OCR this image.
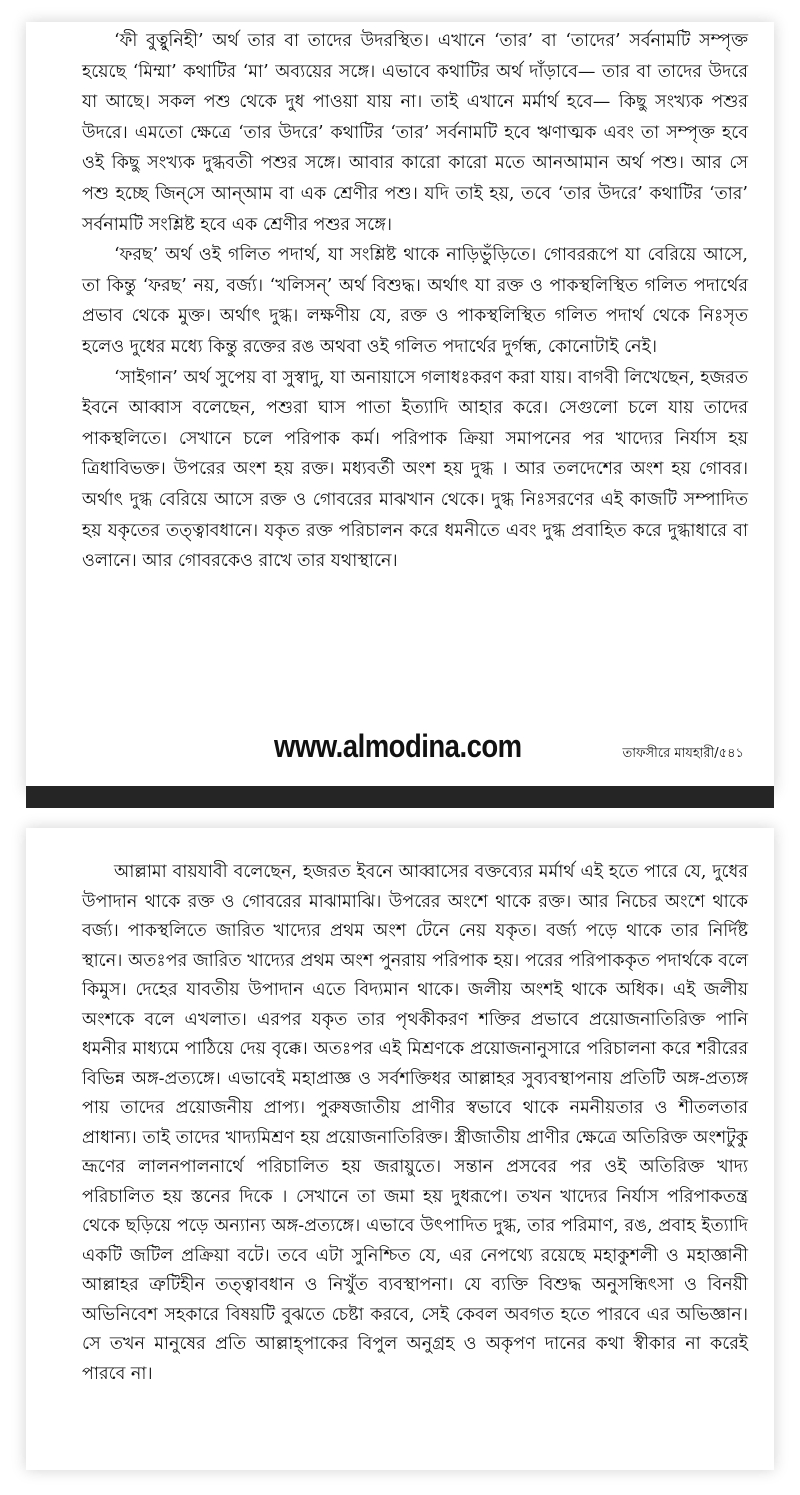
‘ফী বুত্বুনিহী’ অর্থ তার বা তাদের উদরস্থিত। এখানে ‘তার’ বা ‘তাদের’ সর্বনামটি সম্পৃক্ত হয়েছে ‘মিম্মা’ কথাটির ‘মা’ অব্যয়ের সঙ্গে। এভাবে কথাটির অর্থ দাঁড়াবে— তার বা তাদের উদরে যা আছে। সকল পশু থেকে দুধ পাওয়া যায় না। তাই এখানে মর্মার্থ হবে— কিছু সংখ্যক পশুর উদরে। এমতো ক্ষেত্রে ‘তার উদরে’ কথাটির ‘তার’ সর্বনামটি হবে ঋণাত্মক এবং তা সম্পৃক্ত হবে ওই কিছু সংখ্যক দুগ্ধবতী পশুর সঙ্গে। আবার কারো কারো মতে আনআমান অর্থ পশু। আর সে পশু হচ্ছে জিন্‌সে আন্‌আম বা এক শ্রেণীর পশু। যদি তাই হয়, তবে ‘তার উদরে’ কথাটির ‘তার’ সর্বনামটি সংশ্লিষ্ট হবে এক শ্রেণীর পশুর সঙ্গে।

‘ফরছ’ অর্থ ওই গলিত পদার্থ, যা সংশ্লিষ্ট থাকে নাড়িভুঁড়িতে। গোবররূপে যা বেরিয়ে আসে, তা কিন্তু ‘ফরছ’ নয়, বর্জ্য। ‘খলিসন্’ অর্থ বিশুদ্ধ। অর্থাৎ যা রক্ত ও পাকস্থলিস্থিত গলিত পদার্থের প্রভাব থেকে মুক্ত। অর্থাৎ দুগ্ধ। লক্ষণীয় যে, রক্ত ও পাকস্থলিস্থিত গলিত পদার্থ থেকে নিঃসৃত হলেও দুধের মধ্যে কিন্তু রক্তের রঙ অথবা ওই গলিত পদার্থের দুর্গন্ধ, কোনোটাই নেই।

‘সাইগান’ অর্থ সুপেয় বা সুস্বাদু, যা অনায়াসে গলাধঃকরণ করা যায়। বাগবী লিখেছেন, হজরত ইবনে আব্বাস বলেছেন, পশুরা ঘাস পাতা ইত্যাদি আহার করে। সেগুলো চলে যায় তাদের পাকস্থলিতে। সেখানে চলে পরিপাক কর্ম। পরিপাক ক্রিয়া সমাপনের পর খাদ্যের নির্যাস হয় ত্রিধাবিভক্ত। উপরের অংশ হয় রক্ত। মধ্যবর্তী অংশ হয় দুগ্ধ । আর তলদেশের অংশ হয় গোবর। অর্থাৎ দুগ্ধ বেরিয়ে আসে রক্ত ও গোবরের মাঝখান থেকে। দুগ্ধ নিঃসরণের এই কাজটি সম্পাদিত হয় যকৃতের তত্ত্বাবধানে। যকৃত রক্ত পরিচালন করে ধমনীতে এবং দুগ্ধ প্রবাহিত করে দুগ্ধাধারে বা ওলানে। আর গোবরকেও রাখে তার যথাস্থানে।

www.almodina.com	তাফসীরে মাযহারী/৫৪১

আল্লামা বায়যাবী বলেছেন, হজরত ইবনে আব্বাসের বক্তব্যের মর্মার্থ এই হতে পারে যে, দুধের উপাদান থাকে রক্ত ও গোবরের মাঝামাঝি। উপরের অংশে থাকে রক্ত। আর নিচের অংশে থাকে বর্জ্য। পাকস্থলিতে জারিত খাদ্যের প্রথম অংশ টেনে নেয় যকৃত। বর্জ্য পড়ে থাকে তার নির্দিষ্ট স্থানে। অতঃপর জারিত খাদ্যের প্রথম অংশ পুনরায় পরিপাক হয়। পরের পরিপাককৃত পদার্থকে বলে কিমুস। দেহের যাবতীয় উপাদান এতে বিদ্যমান থাকে। জলীয় অংশই থাকে অধিক। এই জলীয় অংশকে বলে এখলাত। এরপর যকৃত তার পৃথকীকরণ শক্তির প্রভাবে প্রয়োজনাতিরিক্ত পানি ধমনীর মাধ্যমে পাঠিয়ে দেয় বৃক্কে। অতঃপর এই মিশ্রণকে প্রয়োজনানুসারে পরিচালনা করে শরীরের বিভিন্ন অঙ্গ-প্রত্যঙ্গে। এভাবেই মহাপ্রাজ্ঞ ও সর্বশক্তিধর আল্লাহর সুব্যবস্থাপনায় প্রতিটি অঙ্গ-প্রত্যঙ্গ পায় তাদের প্রয়োজনীয় প্রাপ্য। পুরুষজাতীয় প্রাণীর স্বভাবে থাকে নমনীয়তার ও শীতলতার প্রাধান্য। তাই তাদের খাদ্যমিশ্রণ হয় প্রয়োজনাতিরিক্ত। স্ত্রীজাতীয় প্রাণীর ক্ষেত্রে অতিরিক্ত অংশটুকু ভ্রূণের লালনপালনার্থে পরিচালিত হয় জরায়ুতে। সন্তান প্রসবের পর ওই অতিরিক্ত খাদ্য পরিচালিত হয় স্তনের দিকে । সেখানে তা জমা হয় দুধরূপে। তখন খাদ্যের নির্যাস পরিপাকতন্ত্র থেকে ছড়িয়ে পড়ে অন্যান্য অঙ্গ-প্রত্যঙ্গে। এভাবে উৎপাদিত দুগ্ধ, তার পরিমাণ, রঙ, প্রবাহ ইত্যাদি একটি জটিল প্রক্রিয়া বটে। তবে এটা সুনিশ্চিত যে, এর নেপথ্যে রয়েছে মহাকুশলী ও মহাজ্ঞানী আল্লাহর ত্রুটিহীন তত্ত্বাবধান ও নিখুঁত ব্যবস্থাপনা। যে ব্যক্তি বিশুদ্ধ অনুসন্ধিৎসা ও বিনয়ী অভিনিবেশ সহকারে বিষয়টি বুঝতে চেষ্টা করবে, সেই কেবল অবগত হতে পারবে এর অভিজ্ঞান। সে তখন মানুষের প্রতি আল্লাহ্‌পাকের বিপুল অনুগ্রহ ও অকৃপণ দানের কথা স্বীকার না করেই পারবে না।
